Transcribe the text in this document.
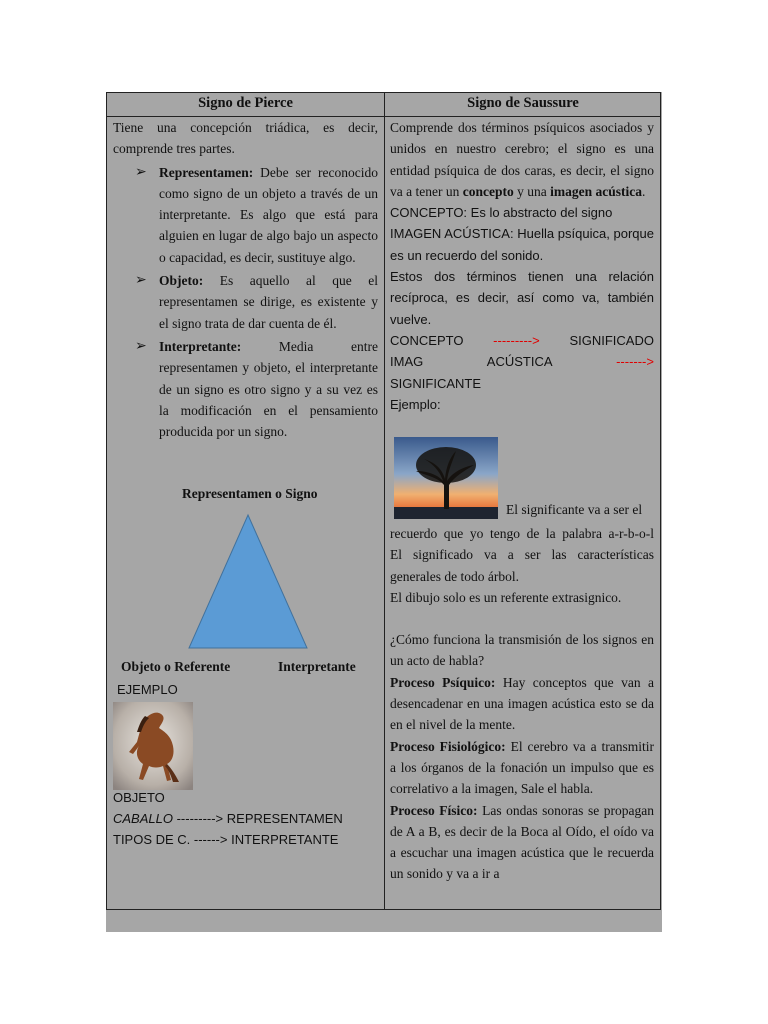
Signo de Pierce	Signo de Saussure

Tiene una concepción triádica, es decir, comprende tres partes.

➢ Representamen: Debe ser reconocido como signo de un objeto a través de un interpretante. Es algo que está para alguien en lugar de algo bajo un aspecto o capacidad, es decir, sustituye algo.

➢ Objeto: Es aquello al que el representamen se dirige, es existente y el signo trata de dar cuenta de él.

➢ Interpretante:	Media entre representamen y objeto, el interpretante de un signo es otro signo y a su vez es la modificación en el pensamiento producida por un signo.

Representamen o Signo
Objeto o Referente	Interpretante
EJEMPLO
OBJETO
CABALLO ---------> REPRESENTAMEN
TIPOS DE C. ------> INTERPRETANTE

Comprende dos términos psíquicos asociados y unidos en nuestro cerebro; el signo es una entidad psíquica de dos caras, es decir, el signo va a tener un concepto y una imagen acústica.

CONCEPTO: Es lo abstracto del signo

IMAGEN ACÚSTICA: Huella psíquica, porque es un recuerdo del sonido.

Estos dos términos tienen una relación recíproca, es decir, así como va, también vuelve.

CONCEPTO ---------> SIGNIFICADO

IMAG ACÚSTICA	------->

SIGNIFICANTE

Ejemplo:

El significante va a ser el

recuerdo que yo tengo de la palabra a-r-b-o-l

El significado va a ser las características generales de todo árbol.

El dibujo solo es un referente extrasignico.

¿Cómo funciona la transmisión de los signos en un acto de habla?

Proceso Psíquico: Hay conceptos que van a desencadenar en una imagen acústica esto se da en el nivel de la mente.

Proceso Fisiológico: El cerebro va a transmitir a los órganos de la fonación un impulso que es correlativo a la imagen, Sale el habla.

Proceso Físico: Las ondas sonoras se propagan de A a B, es decir de la Boca al Oído, el oído va a escuchar una imagen acústica que le recuerda un sonido y va a ir a
